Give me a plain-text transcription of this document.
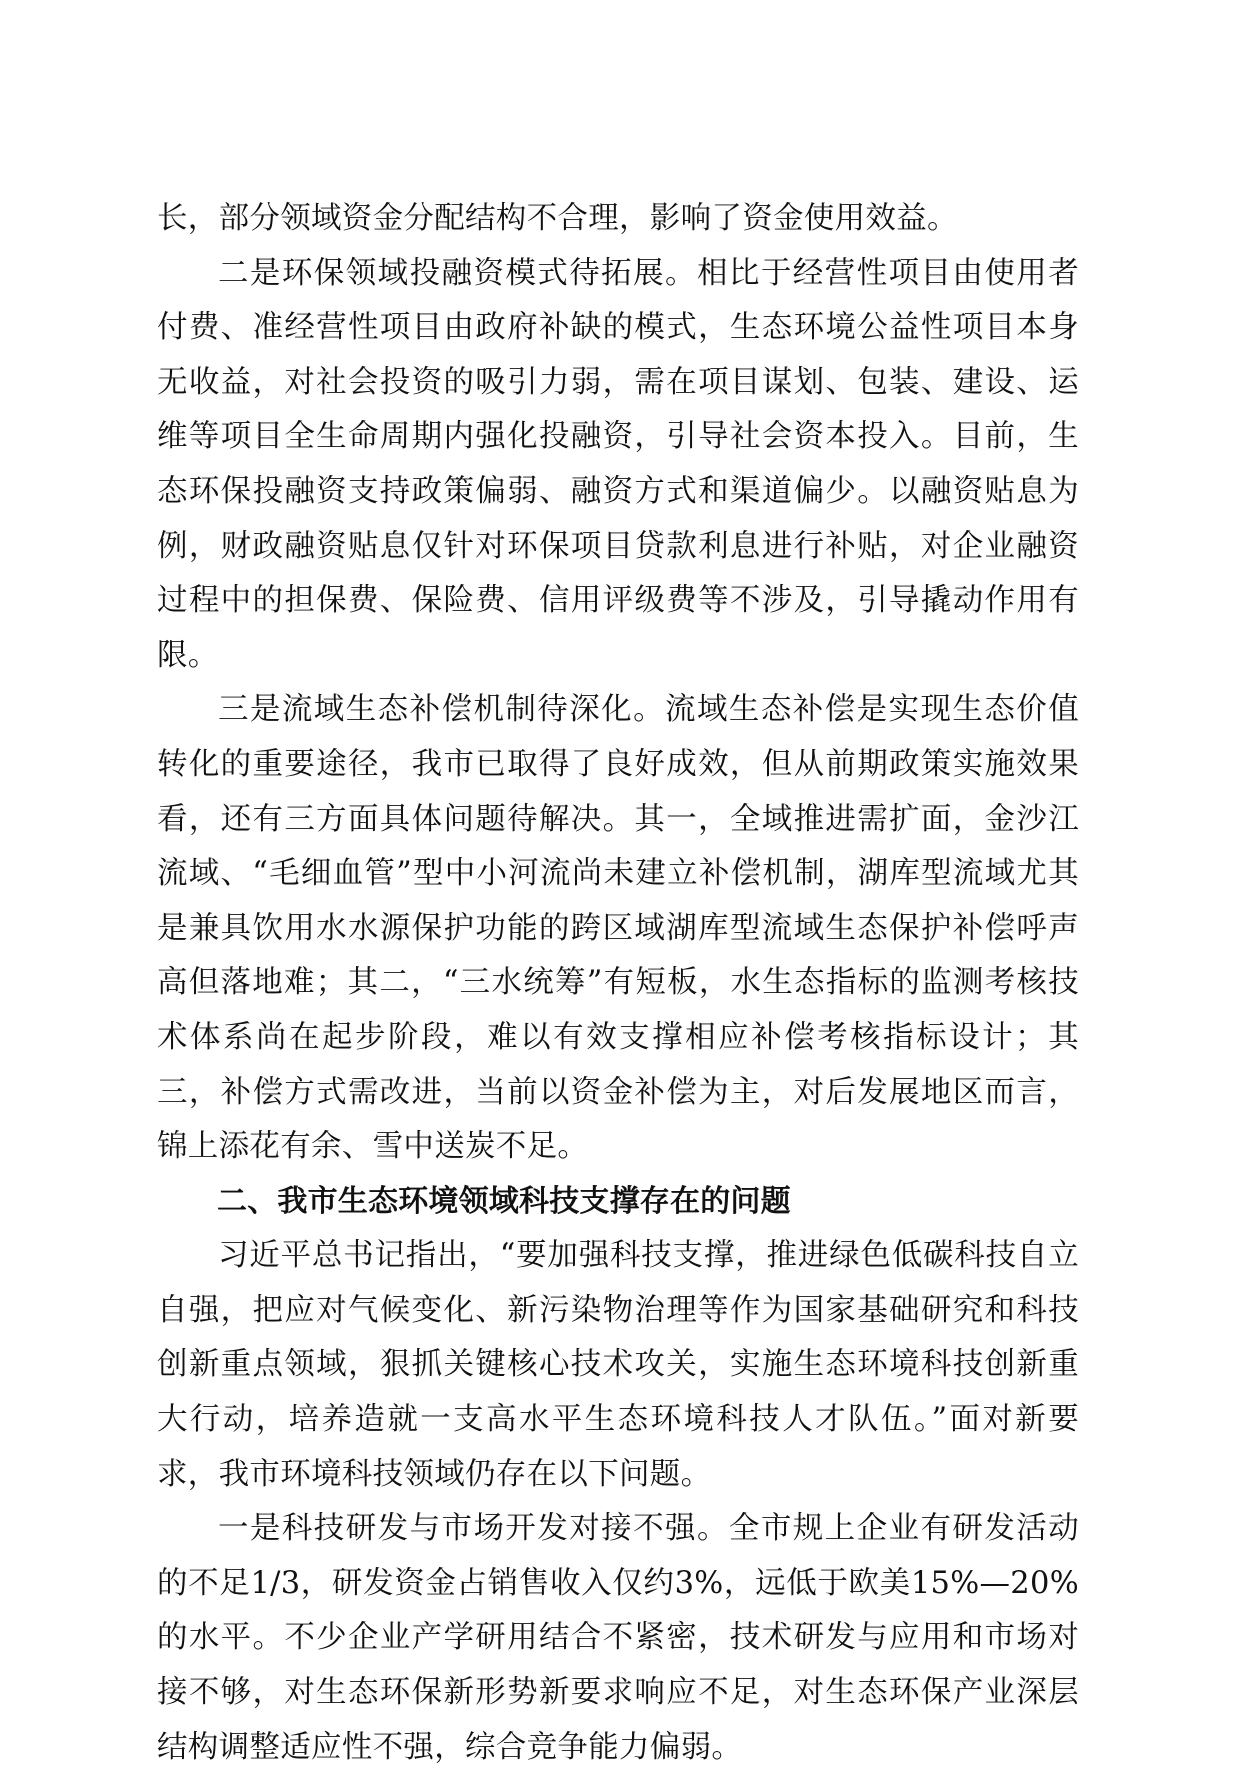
长，部分领域资金分配结构不合理，影响了资金使用效益。

二是环保领域投融资模式待拓展。相比于经营性项目由使用者付费、准经营性项目由政府补缺的模式，生态环境公益性项目本身无收益，对社会投资的吸引力弱，需在项目谋划、包装、建设、运维等项目全生命周期内强化投融资，引导社会资本投入。目前，生态环保投融资支持政策偏弱、融资方式和渠道偏少。以融资贴息为例，财政融资贴息仅针对环保项目贷款利息进行补贴，对企业融资过程中的担保费、保险费、信用评级费等不涉及，引导撬动作用有限。

三是流域生态补偿机制待深化。流域生态补偿是实现生态价值转化的重要途径，我市已取得了良好成效，但从前期政策实施效果看，还有三方面具体问题待解决。其一，全域推进需扩面，金沙江流域、“毛细血管”型中小河流尚未建立补偿机制，湖库型流域尤其是兼具饮用水水源保护功能的跨区域湖库型流域生态保护补偿呼声高但落地难；其二，“三水统筹”有短板，水生态指标的监测考核技术体系尚在起步阶段，难以有效支撑相应补偿考核指标设计；其三，补偿方式需改进，当前以资金补偿为主，对后发展地区而言，锦上添花有余、雪中送炭不足。

二、我市生态环境领域科技支撑存在的问题

习近平总书记指出，“要加强科技支撑，推进绿色低碳科技自立自强，把应对气候变化、新污染物治理等作为国家基础研究和科技创新重点领域，狠抓关键核心技术攻关，实施生态环境科技创新重大行动，培养造就一支高水平生态环境科技人才队伍。”面对新要求，我市环境科技领域仍存在以下问题。

一是科技研发与市场开发对接不强。全市规上企业有研发活动的不足1/3，研发资金占销售收入仅约3%，远低于欧美15%—20%的水平。不少企业产学研用结合不紧密，技术研发与应用和市场对接不够，对生态环保新形势新要求响应不足，对生态环保产业深层结构调整适应性不强，综合竞争能力偏弱。
